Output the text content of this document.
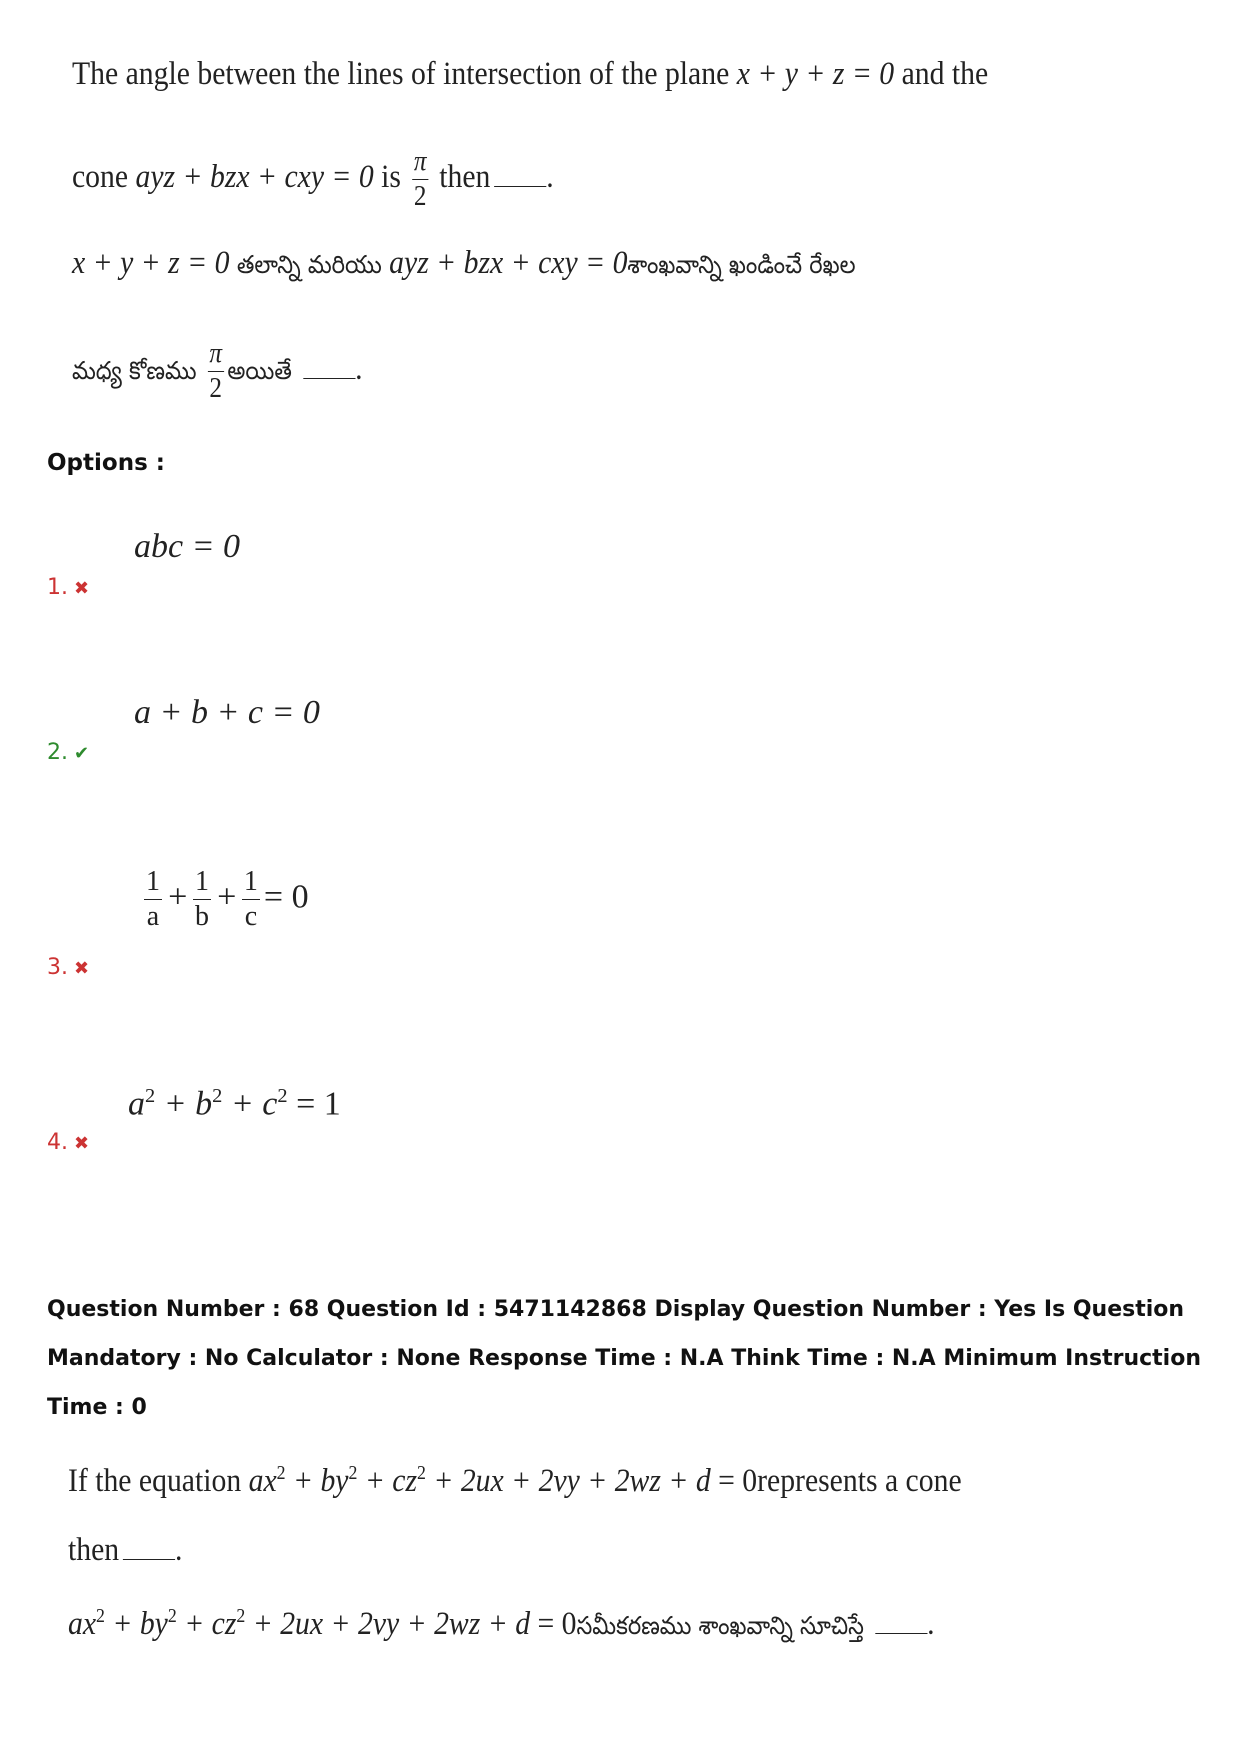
The angle between the lines of intersection of the plane x + y + z = 0 and the
cone ayz + bzx + cxy = 0 is $\frac{\pi}{2}$ then .
x + y + z = 0 తలాన్ని మరియు ayz + bzx + cxy = 0శాంఖవాన్ని ఖండించే రేఖల
మధ్య కోణము $\frac{\pi}{2}$ అయితే .
Options :
abc = 0
1. ✖
a + b + c = 0
2. ✔
$\frac{1}{a} + \frac{1}{b} + \frac{1}{c} = 0$
3. ✖
$a^2 + b^2 + c^2 = 1$
4. ✖
Question Number : 68 Question Id : 5471142868 Display Question Number : Yes Is Question Mandatory : No Calculator : None Response Time : N.A Think Time : N.A Minimum Instruction Time : 0
If the equation $ax^2 + by^2 + cz^2 + 2ux + 2vy + 2wz + d$ = 0represents a cone
then .
$ax^2 + by^2 + cz^2 + 2ux + 2vy + 2wz + d$ = 0సమీకరణము శాంఖవాన్ని సూచిస్తే .
